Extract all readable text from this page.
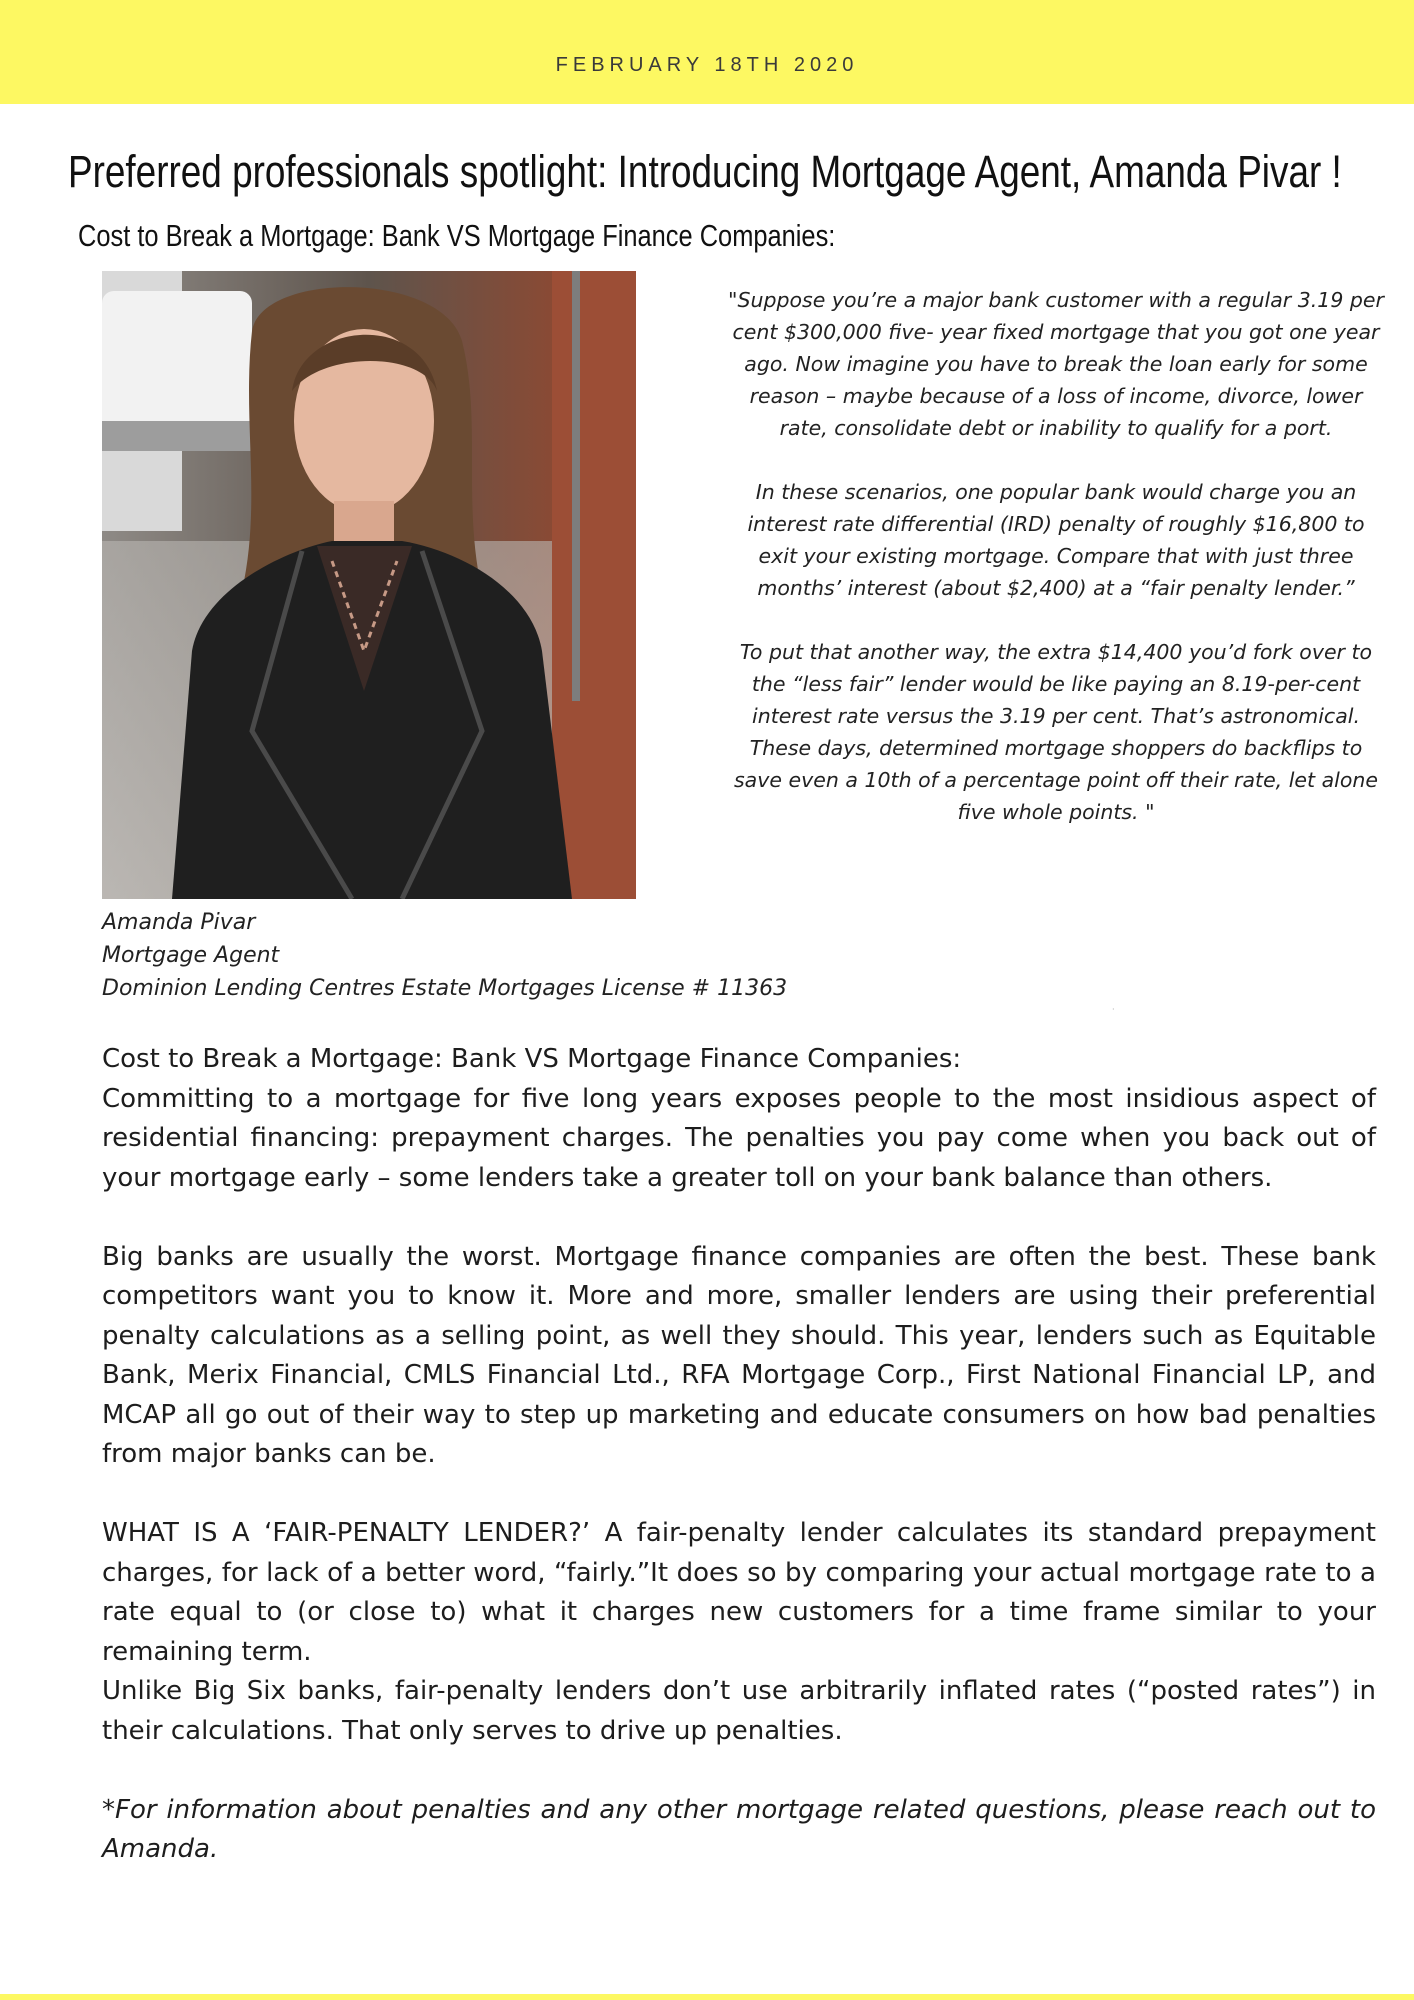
FEBRUARY 18TH 2020
Preferred professionals spotlight: Introducing Mortgage Agent, Amanda Pivar !
Cost to Break a Mortgage: Bank VS Mortgage Finance Companies:
Amanda Pivar
Mortgage Agent
Dominion Lending Centres Estate Mortgages License # 11363

"Suppose you’re a major bank customer with a regular 3.19 per cent $300,000 five- year fixed mortgage that you got one year ago. Now imagine you have to break the loan early for some reason – maybe because of a loss of income, divorce, lower rate, consolidate debt or inability to qualify for a port.

In these scenarios, one popular bank would charge you an interest rate differential (IRD) penalty of roughly $16,800 to exit your existing mortgage. Compare that with just three months’ interest (about $2,400) at a “fair penalty lender.”

To put that another way, the extra $14,400 you’d fork over to the “less fair” lender would be like paying an 8.19-per-cent interest rate versus the 3.19 per cent. That’s astronomical. These days, determined mortgage shoppers do backflips to save even a 10th of a percentage point off their rate, let alone five whole points. "

·
Cost to Break a Mortgage: Bank VS Mortgage Finance Companies:

Committing to a mortgage for five long years exposes people to the most insidious aspect of residential financing: prepayment charges. The penalties you pay come when you back out of your mortgage early – some lenders take a greater toll on your bank balance than others.

Big banks are usually the worst. Mortgage finance companies are often the best. These bank competitors want you to know it. More and more, smaller lenders are using their preferential penalty calculations as a selling point, as well they should. This year, lenders such as Equitable Bank, Merix Financial, CMLS Financial Ltd., RFA Mortgage Corp., First National Financial LP, and MCAP all go out of their way to step up marketing and educate consumers on how bad penalties from major banks can be.

WHAT IS A ‘FAIR-PENALTY LENDER?’ A fair-penalty lender calculates its standard prepayment charges, for lack of a better word, “fairly.”It does so by comparing your actual mortgage rate to a rate equal to (or close to) what it charges new customers for a time frame similar to your remaining term.

Unlike Big Six banks, fair-penalty lenders don’t use arbitrarily inflated rates (“posted rates”) in their calculations. That only serves to drive up penalties.

*For information about penalties and any other mortgage related questions, please reach out to Amanda.
